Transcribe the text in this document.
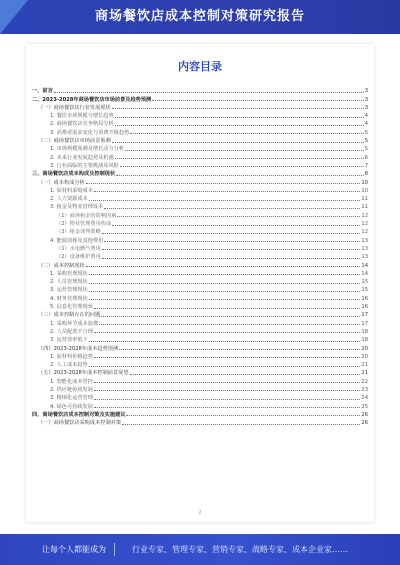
商场餐饮店成本控制对策研究报告
内容目录
一、前言	3
二、2023-2028年商场餐饮店市场前景及趋势预测	3
（一）商场餐饮店行业发展现状	3
1. 餐饮市场规模与增长趋势	4
2. 商场餐饮店竞争格局分析	4
3. 消费者需求变化与消费升级趋势	5
（二）商场餐饮店市场前景预测	5
1. 市场规模预测及增长动力分析	5
2. 未来行业发展趋势及机遇	6
3. 行业面临的主要挑战及风险	7
三、商场餐饮店成本构成及控制现状	8
（一）成本构成分析	10
1. 原材料采购成本	10
2. 人力资源成本	11
3. 租金及物业管理成本	11
（1）商场租金的影响因素	12
（2）物业管理费用构成	12
（3）租金谈判策略	12
4. 能源消耗及其他费用	13
（1）水电燃气费用	13
（2）设备维护费用	13
（二）成本控制现状	14
1. 采购管理现状	14
2. 人员管理现状	15
3. 运营管理现状	15
4. 财务管理现状	16
5. 信息化管理现状	16
（三）成本控制存在的问题	17
1. 采购环节成本浪费	17
2. 人员配置不合理	18
3. 运营效率低下	18
（四）2023-2028年成本趋势预测	20
1. 原材料价格趋势	20
2. 人工成本趋势	21
（五）2023-2028年成本控制前景展望	21
1. 智能化成本管控	22
2. 供应链协同发展	23
3. 精细化运营管理	24
4. 绿色可持续发展	25
四、商场餐饮店成本控制对策及实施建议	26
（一）商场餐饮店采购成本控制对策	26
2
让每个人都能成为	行业专家、管理专家、营销专家、战略专家、成本企业家……
